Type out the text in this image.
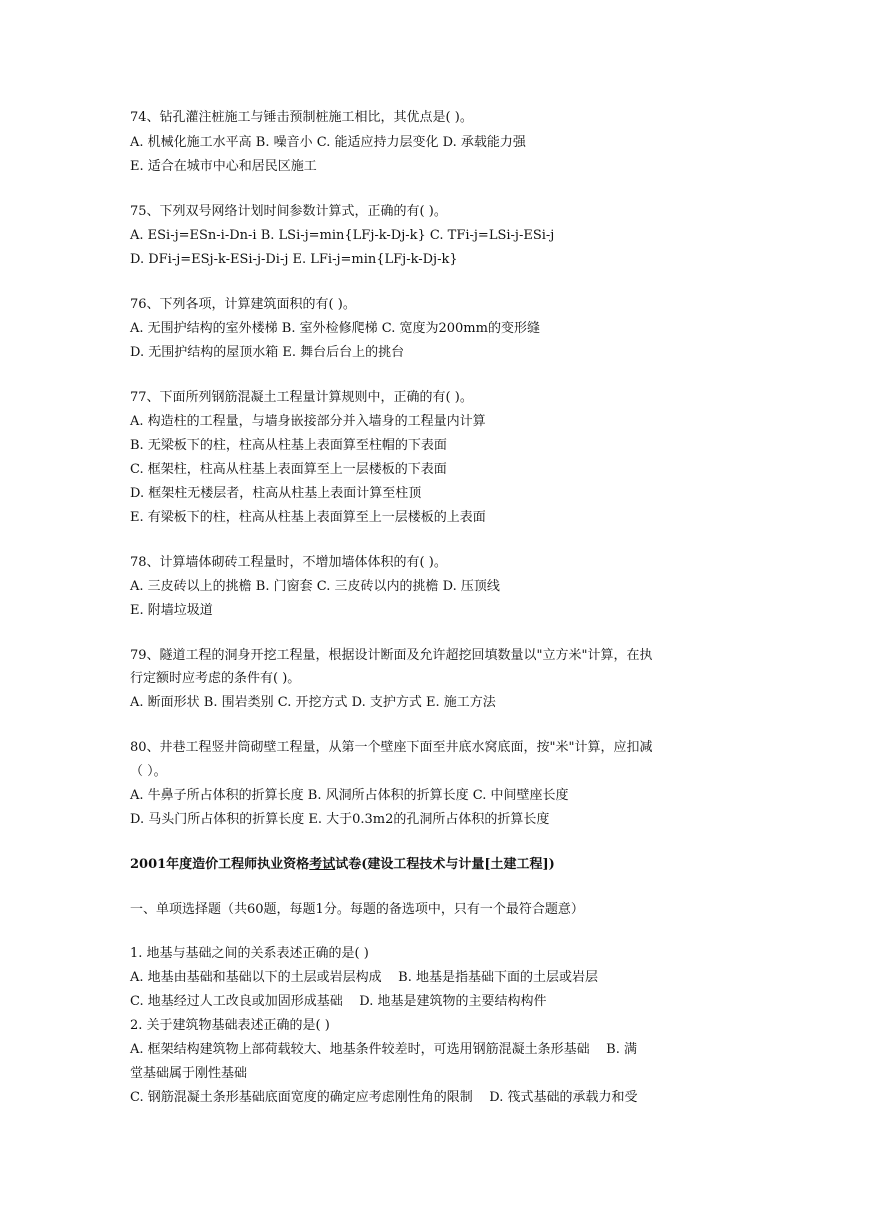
74、钻孔灌注桩施工与锤击预制桩施工相比，其优点是( )。
A. 机械化施工水平高 B. 噪音小 C. 能适应持力层变化 D. 承载能力强
E. 适合在城市中心和居民区施工
75、下列双号网络计划时间参数计算式，正确的有( )。
A. ESi-j=ESn-i-Dn-i B. LSi-j=min{LFj-k-Dj-k} C. TFi-j=LSi-j-ESi-j
D. DFi-j=ESj-k-ESi-j-Di-j E. LFi-j=min{LFj-k-Dj-k}
76、下列各项，计算建筑面积的有( )。
A. 无围护结构的室外楼梯 B. 室外检修爬梯 C. 宽度为200mm的变形缝
D. 无围护结构的屋顶水箱 E. 舞台后台上的挑台
77、下面所列钢筋混凝土工程量计算规则中，正确的有( )。
A. 构造柱的工程量，与墙身嵌接部分并入墙身的工程量内计算
B. 无梁板下的柱，柱高从柱基上表面算至柱帽的下表面
C. 框架柱，柱高从柱基上表面算至上一层楼板的下表面
D. 框架柱无楼层者，柱高从柱基上表面计算至柱顶
E. 有梁板下的柱，柱高从柱基上表面算至上一层楼板的上表面
78、计算墙体砌砖工程量时，不增加墙体体积的有( )。
A. 三皮砖以上的挑檐 B. 门窗套 C. 三皮砖以内的挑檐 D. 压顶线
E. 附墙垃圾道
79、隧道工程的洞身开挖工程量，根据设计断面及允许超挖回填数量以"立方米"计算，在执
行定额时应考虑的条件有( )。
A. 断面形状 B. 围岩类别 C. 开挖方式 D. 支护方式 E. 施工方法
80、井巷工程竖井筒砌壁工程量，从第一个壁座下面至井底水窝底面，按"米"计算，应扣减
（ ）。
A. 牛鼻子所占体积的折算长度 B. 风洞所占体积的折算长度 C. 中间壁座长度
D. 马头门所占体积的折算长度 E. 大于0.3m2的孔洞所占体积的折算长度
2001年度造价工程师执业资格考试试卷(建设工程技术与计量[土建工程])
一、单项选择题（共60题，每题1分。每题的备选项中，只有一个最符合题意）
1. 地基与基础之间的关系表述正确的是( )
A. 地基由基础和基础以下的土层或岩层构成    B. 地基是指基础下面的土层或岩层
C. 地基经过人工改良或加固形成基础    D. 地基是建筑物的主要结构构件
2. 关于建筑物基础表述正确的是( )
A. 框架结构建筑物上部荷载较大、地基条件较差时，可选用钢筋混凝土条形基础    B. 满
堂基础属于刚性基础
C. 钢筋混凝土条形基础底面宽度的确定应考虑刚性角的限制    D. 筏式基础的承载力和受
